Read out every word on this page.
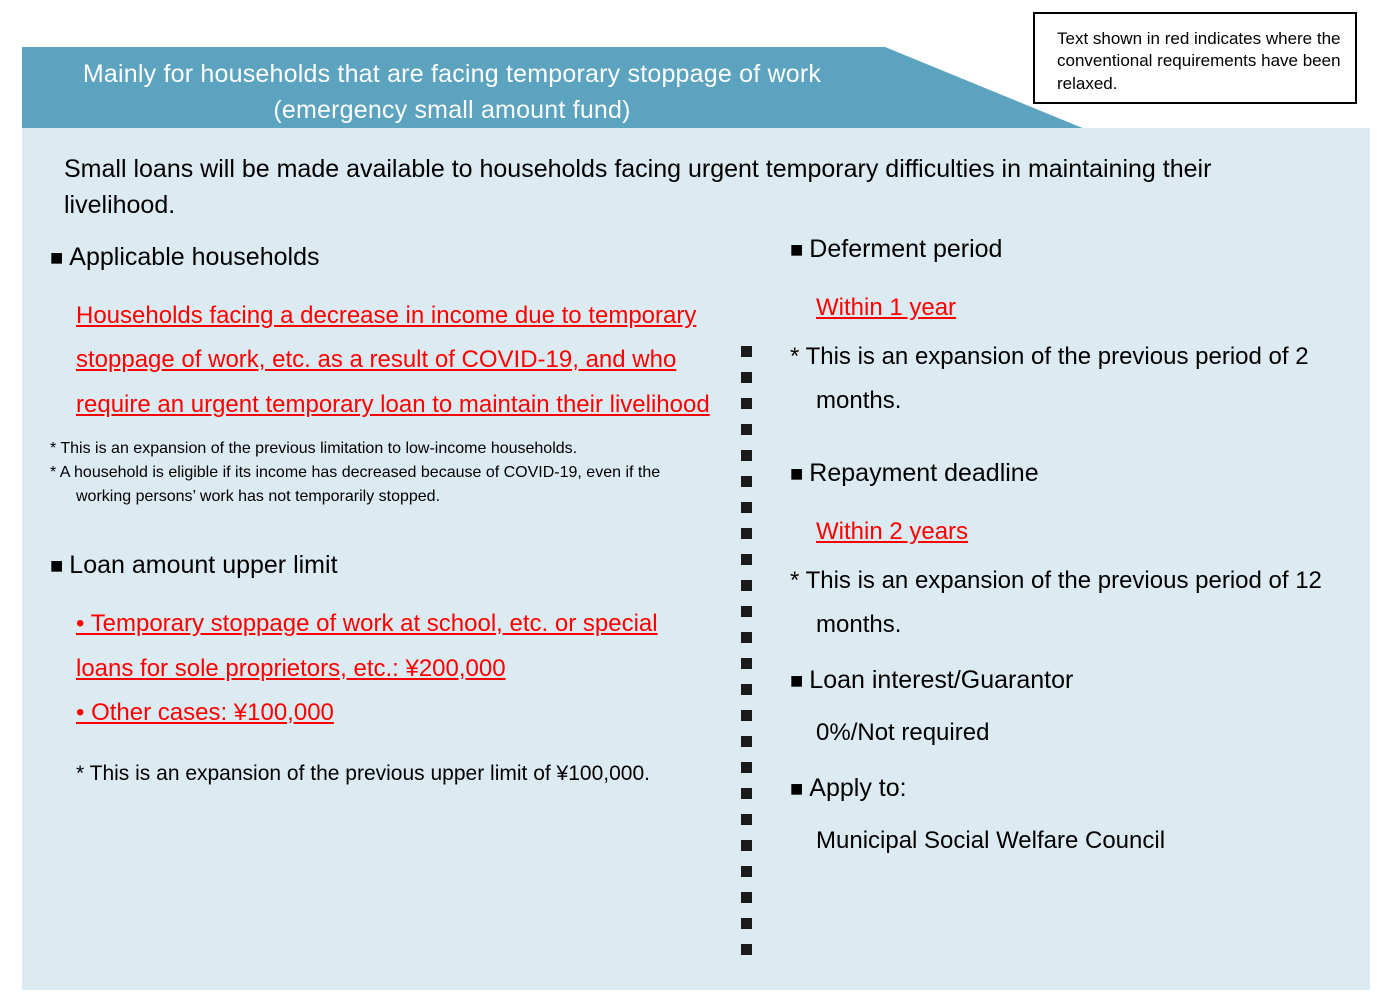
Text shown in red indicates where the conventional requirements have been relaxed.
Mainly for households that are facing temporary stoppage of work
(emergency small amount fund)
Small loans will be made available to households facing urgent temporary difficulties in maintaining their livelihood.
■ Applicable households
Households facing a decrease in income due to temporary stoppage of work, etc. as a result of COVID-19, and who require an urgent temporary loan to maintain their livelihood
* This is an expansion of the previous limitation to low-income households.
* A household is eligible if its income has decreased because of COVID-19, even if the
working persons’ work has not temporarily stopped.
■ Loan amount upper limit
• Temporary stoppage of work at school, etc. or special loans for sole proprietors, etc.: ¥200,000
• Other cases: ¥100,000
* This is an expansion of the previous upper limit of ¥100,000.
■ Deferment period
Within 1 year
* This is an expansion of the previous period of 2
months.
■ Repayment deadline
Within 2 years
* This is an expansion of the previous period of 12
months.
■ Loan interest/Guarantor
0%/Not required
■ Apply to:
Municipal Social Welfare Council
